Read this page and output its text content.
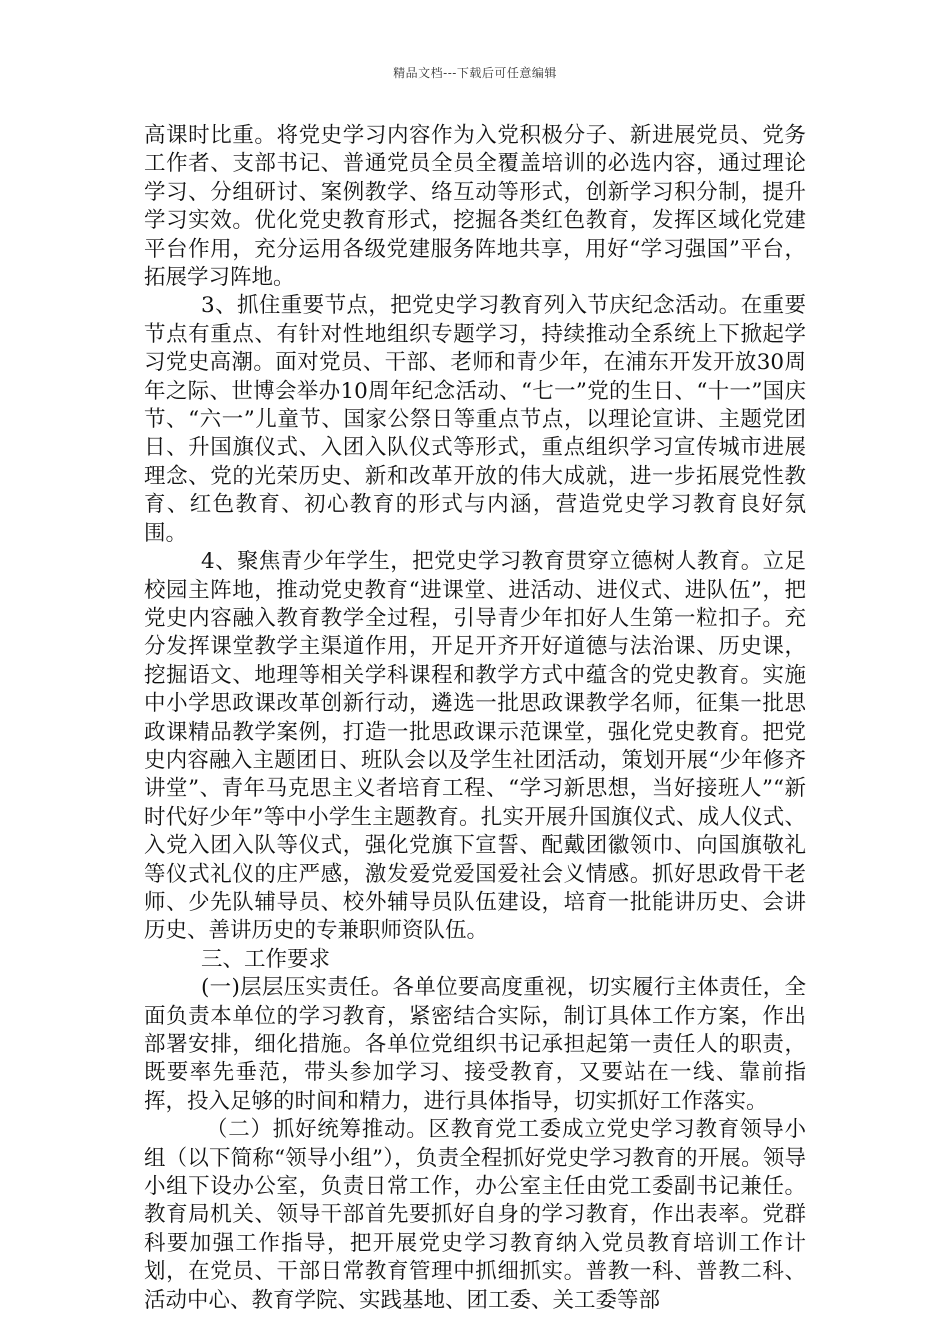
精品文档---下载后可任意编辑

高课时比重。将党史学习内容作为入党积极分子、新进展党员、党务工作者、支部书记、普通党员全员全覆盖培训的必选内容，通过理论学习、分组研讨、案例教学、络互动等形式，创新学习积分制，提升学习实效。优化党史教育形式，挖掘各类红色教育，发挥区域化党建平台作用，充分运用各级党建服务阵地共享，用好“学习强国”平台，拓展学习阵地。

3、抓住重要节点，把党史学习教育列入节庆纪念活动。在重要节点有重点、有针对性地组织专题学习，持续推动全系统上下掀起学习党史高潮。面对党员、干部、老师和青少年，在浦东开发开放30周年之际、世博会举办10周年纪念活动、“七一”党的生日、“十一”国庆节、“六一”儿童节、国家公祭日等重点节点，以理论宣讲、主题党团日、升国旗仪式、入团入队仪式等形式，重点组织学习宣传城市进展理念、党的光荣历史、新和改革开放的伟大成就，进一步拓展党性教育、红色教育、初心教育的形式与内涵，营造党史学习教育良好氛围。

4、聚焦青少年学生，把党史学习教育贯穿立德树人教育。立足校园主阵地，推动党史教育“进课堂、进活动、进仪式、进队伍”，把党史内容融入教育教学全过程，引导青少年扣好人生第一粒扣子。充分发挥课堂教学主渠道作用，开足开齐开好道德与法治课、历史课，挖掘语文、地理等相关学科课程和教学方式中蕴含的党史教育。实施中小学思政课改革创新行动，遴选一批思政课教学名师，征集一批思政课精品教学案例，打造一批思政课示范课堂，强化党史教育。把党史内容融入主题团日、班队会以及学生社团活动，策划开展“少年修齐讲堂”、青年马克思主义者培育工程、“学习新思想，当好接班人”“新时代好少年”等中小学生主题教育。扎实开展升国旗仪式、成人仪式、入党入团入队等仪式，强化党旗下宣誓、配戴团徽领巾、向国旗敬礼等仪式礼仪的庄严感，激发爱党爱国爱社会义情感。抓好思政骨干老师、少先队辅导员、校外辅导员队伍建设，培育一批能讲历史、会讲历史、善讲历史的专兼职师资队伍。

三、工作要求

(一)层层压实责任。各单位要高度重视，切实履行主体责任，全面负责本单位的学习教育，紧密结合实际，制订具体工作方案，作出部署安排，细化措施。各单位党组织书记承担起第一责任人的职责，既要率先垂范，带头参加学习、接受教育，又要站在一线、靠前指挥，投入足够的时间和精力，进行具体指导，切实抓好工作落实。

（二）抓好统筹推动。区教育党工委成立党史学习教育领导小组（以下简称“领导小组”），负责全程抓好党史学习教育的开展。领导小组下设办公室，负责日常工作，办公室主任由党工委副书记兼任。教育局机关、领导干部首先要抓好自身的学习教育，作出表率。党群科要加强工作指导，把开展党史学习教育纳入党员教育培训工作计划，在党员、干部日常教育管理中抓细抓实。普教一科、普教二科、活动中心、教育学院、实践基地、团工委、关工委等部
